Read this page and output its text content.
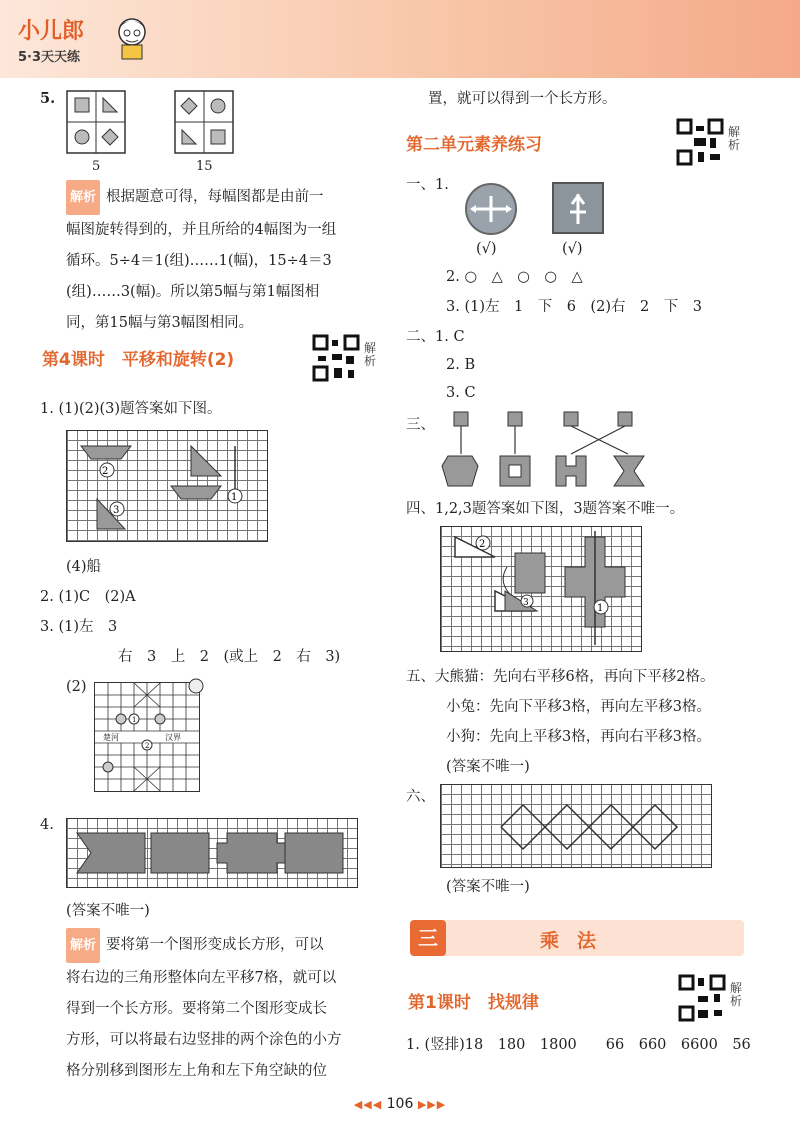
小儿郎
5·3天天练
5.
5	15
解析 根据题意可得，每幅图都是由前一
幅图旋转得到的，并且所给的4幅图为一组
循环。5÷4＝1(组)……1(幅)，15÷4＝3
(组)……3(幅)。所以第5幅与第1幅图相
同，第15幅与第3幅图相同。
第4课时　平移和旋转(2)
解析
1. (1)(2)(3)题答案如下图。
2
1
3
(4)船
2. (1)C　(2)A
3. (1)左　3
右　3　上　2　(或上　2　右　3)
(2)
1
2
楚河	汉界
4.
(答案不唯一)
解析 要将第一个图形变成长方形，可以
将右边的三角形整体向左平移7格，就可以
得到一个长方形。要将第二个图形变成长
方形，可以将最右边竖排的两个涂色的小方
格分别移到图形左上角和左下角空缺的位
置，就可以得到一个长方形。
第二单元素养练习
解析
一、1.
(√)	(√)
2. ○　△　○　○　△
3. (1)左　1　下　6　(2)右　2　下　3
二、1. C
2. B
3. C
三、
四、1,2,3题答案如下图，3题答案不唯一。
2
3	1
五、大熊猫：先向右平移6格，再向下平移2格。
小兔：先向下平移3格，再向左平移3格。
小狗：先向上平移3格，再向右平移3格。
(答案不唯一)
六、
(答案不唯一)
三	乘法
第1课时　找规律
解析
1. (竖排)18　180　1800　　66　660　6600　56
◀◀◀ 106 ▶▶▶
